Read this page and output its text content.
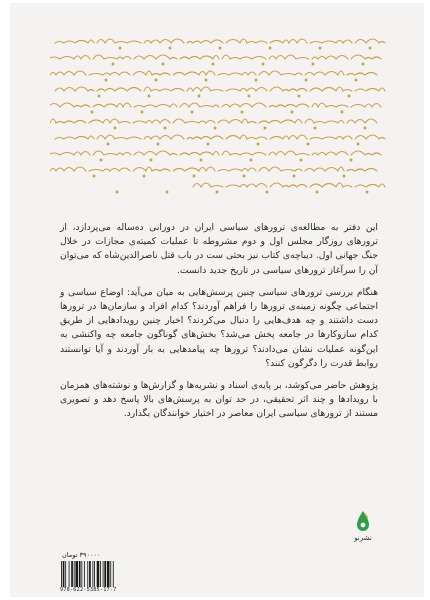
این دفتر به مطالعه‌ی ترورهای سیاسی ایران در دورانی ده‌ساله می‌پردازد، از ترورهای روزگار مجلس اول و دوم مشروطه تا عملیات کمیته‌ی مجازات در خلال جنگ جهانی اول. دیباچه‌ی کتاب نیز بحثی ست در باب قتل ناصرالدین‌شاه که می‌توان آن را سرآغاز ترورهای سیاسی در تاریخ جدید دانست.

هنگام بررسی ترورهای سیاسی چنین پرسش‌هایی به میان می‌آید: اوضاع سیاسی و اجتماعی چگونه زمینه‌ی ترورها را فراهم آوردند؟ کدام افراد و سازمان‌ها در ترورها دست داشتند و چه هدف‌هایی را دنبال می‌کردند؟ اخبار چنین رویدادهایی از طریق کدام سازوکارها در جامعه پخش می‌شد؟ بخش‌های گوناگون جامعه چه واکنشی به این‌گونه عملیات نشان می‌دادند؟ ترورها چه پیامدهایی به بار آوردند و آیا توانستند روابط قدرت را دگرگون کنند؟

پژوهش حاضر می‌کوشد، بر پایه‌ی اسناد و نشریه‌ها و گزارش‌ها و نوشته‌های همزمان با رویدادها و چند اثر تحقیقی، در حد توان به پرسش‌های بالا پاسخ دهد و تصویری مستند از ترورهای سیاسی ایران معاصر در اختیار خوانندگان بگذارد.

نشرنو
۳۹۰۰۰۰ تومان
978-622-5385-17-7
